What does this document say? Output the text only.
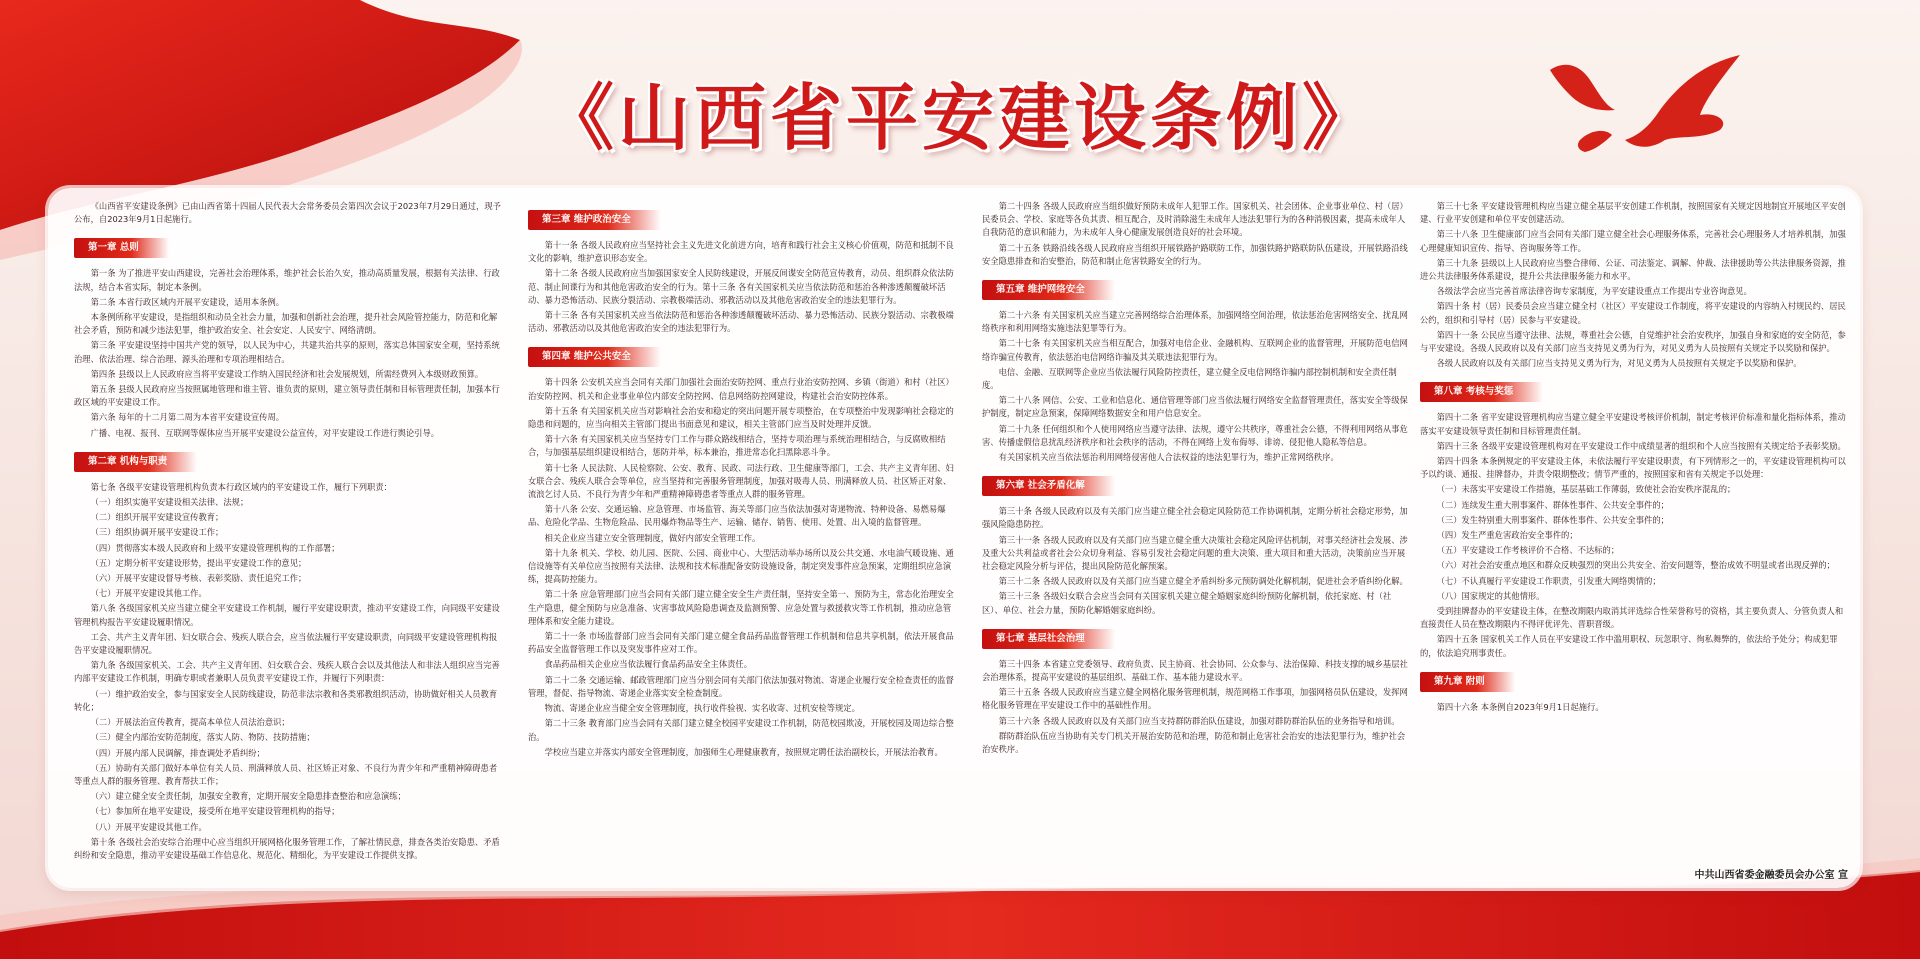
《山西省平安建设条例》

《山西省平安建设条例》已由山西省第十四届人民代表大会常务委员会第四次会议于2023年7月29日通过，现予公布，自2023年9月1日起施行。

第一章 总则

第一条 为了推进平安山西建设，完善社会治理体系，维护社会长治久安，推动高质量发展，根据有关法律、行政法规，结合本省实际，制定本条例。

第二条 本省行政区域内开展平安建设，适用本条例。

本条例所称平安建设，是指组织和动员全社会力量，加强和创新社会治理，提升社会风险管控能力，防范和化解社会矛盾，预防和减少违法犯罪，维护政治安全、社会安定、人民安宁、网络清朗。

第三条 平安建设坚持中国共产党的领导，以人民为中心，共建共治共享的原则，落实总体国家安全观，坚持系统治理、依法治理、综合治理、源头治理和专项治理相结合。

第四条 县级以上人民政府应当将平安建设工作纳入国民经济和社会发展规划，所需经费列入本级财政预算。

第五条 县级人民政府应当按照属地管理和谁主管、谁负责的原则，建立领导责任制和目标管理责任制，加强本行政区域的平安建设工作。

第六条 每年的十二月第二周为本省平安建设宣传周。

广播、电视、报刊、互联网等媒体应当开展平安建设公益宣传，对平安建设工作进行舆论引导。

第二章 机构与职责

第七条 各级平安建设管理机构负责本行政区域内的平安建设工作，履行下列职责：

（一）组织实施平安建设相关法律、法规；

（二）组织开展平安建设宣传教育；

（三）组织协调开展平安建设工作；

（四）贯彻落实本级人民政府和上级平安建设管理机构的工作部署；

（五）定期分析平安建设形势，提出平安建设工作的意见；

（六）开展平安建设督导考核、表彰奖励、责任追究工作；

（七）开展平安建设其他工作。

第八条 各级国家机关应当建立健全平安建设工作机制，履行平安建设职责，推动平安建设工作，向同级平安建设管理机构报告平安建设履职情况。

工会、共产主义青年团、妇女联合会、残疾人联合会，应当依法履行平安建设职责，向同级平安建设管理机构报告平安建设履职情况。

第九条 各级国家机关、工会、共产主义青年团、妇女联合会、残疾人联合会以及其他法人和非法人组织应当完善内部平安建设工作机制，明确专职或者兼职人员负责平安建设工作，并履行下列职责：

（一）维护政治安全，参与国家安全人民防线建设，防范非法宗教和各类邪教组织活动，协助做好相关人员教育转化；

（二）开展法治宣传教育，提高本单位人员法治意识；

（三）健全内部治安防范制度，落实人防、物防、技防措施；

（四）开展内部人民调解，排查调处矛盾纠纷；

（五）协助有关部门做好本单位有关人员、刑满释放人员、社区矫正对象、不良行为青少年和严重精神障碍患者等重点人群的服务管理、教育帮扶工作；

（六）建立健全安全责任制，加强安全教育，定期开展安全隐患排查整治和应急演练；

（七）参加所在地平安建设，接受所在地平安建设管理机构的指导；

（八）开展平安建设其他工作。

第十条 各级社会治安综合治理中心应当组织开展网格化服务管理工作，了解社情民意，排查各类治安隐患、矛盾纠纷和安全隐患，推动平安建设基础工作信息化、规范化、精细化，为平安建设工作提供支撑。

第三章 维护政治安全

第十一条 各级人民政府应当坚持社会主义先进文化前进方向，培育和践行社会主义核心价值观，防范和抵制不良文化的影响，维护意识形态安全。

第十二条 各级人民政府应当加强国家安全人民防线建设，开展反间谍安全防范宣传教育，动员、组织群众依法防范、制止间谍行为和其他危害政治安全的行为。第十三条 各有关国家机关应当依法防范和惩治各种渗透颠覆破坏活动、暴力恐怖活动、民族分裂活动、宗教极端活动、邪教活动以及其他危害政治安全的违法犯罪行为。

第十三条 各有关国家机关应当依法防范和惩治各种渗透颠覆破坏活动、暴力恐怖活动、民族分裂活动、宗教极端活动、邪教活动以及其他危害政治安全的违法犯罪行为。

第四章 维护公共安全

第十四条 公安机关应当会同有关部门加强社会面治安防控网、重点行业治安防控网、乡镇（街道）和村（社区）治安防控网、机关和企业事业单位内部安全防控网、信息网络防控网建设，构建社会治安防控体系。

第十五条 有关国家机关应当对影响社会治安和稳定的突出问题开展专项整治，在专项整治中发现影响社会稳定的隐患和问题的，应当向相关主管部门提出书面意见和建议，相关主管部门应当及时处理并反馈。

第十六条 有关国家机关应当坚持专门工作与群众路线相结合，坚持专项治理与系统治理相结合，与反腐败相结合，与加强基层组织建设相结合，惩防并举，标本兼治，推进常态化扫黑除恶斗争。

第十七条 人民法院、人民检察院、公安、教育、民政、司法行政、卫生健康等部门，工会、共产主义青年团、妇女联合会、残疾人联合会等单位，应当坚持和完善服务管理制度，加强对吸毒人员、刑满释放人员、社区矫正对象、流浪乞讨人员、不良行为青少年和严重精神障碍患者等重点人群的服务管理。

第十八条 公安、交通运输、应急管理、市场监管、海关等部门应当依法加强对寄递物流、特种设备、易燃易爆品、危险化学品、生物危险品、民用爆炸物品等生产、运输、储存、销售、使用、处置、出入境的监督管理。

相关企业应当建立安全管理制度，做好内部安全管理工作。

第十九条 机关、学校、幼儿园、医院、公园、商业中心、大型活动举办场所以及公共交通、水电油气暖设施、通信设施等有关单位应当按照有关法律、法规和技术标准配备安防设施设备，制定突发事件应急预案，定期组织应急演练，提高防控能力。

第二十条 应急管理部门应当会同有关部门建立健全安全生产责任制，坚持安全第一、预防为主，常态化治理安全生产隐患，健全预防与应急准备、灾害事故风险隐患调查及监测预警、应急处置与救援救灾等工作机制，推动应急管理体系和安全能力建设。

第二十一条 市场监督部门应当会同有关部门建立健全食品药品监督管理工作机制和信息共享机制，依法开展食品药品安全监督管理工作以及突发事件应对工作。

食品药品相关企业应当依法履行食品药品安全主体责任。

第二十二条 交通运输、邮政管理部门应当分别会同有关部门依法加强对物流、寄递企业履行安全检查责任的监督管理，督促、指导物流、寄递企业落实安全检查制度。

物流、寄递企业应当健全安全管理制度，执行收件验视、实名收寄、过机安检等规定。

第二十三条 教育部门应当会同有关部门建立健全校园平安建设工作机制，防范校园欺凌，开展校园及周边综合整治。

学校应当建立并落实内部安全管理制度，加强师生心理健康教育，按照规定聘任法治副校长，开展法治教育。

第二十四条 各级人民政府应当组织做好预防未成年人犯罪工作。国家机关、社会团体、企业事业单位、村（居）民委员会、学校、家庭等各负其责、相互配合，及时消除滋生未成年人违法犯罪行为的各种消极因素，提高未成年人自我防范的意识和能力，为未成年人身心健康发展创造良好的社会环境。

第二十五条 铁路沿线各级人民政府应当组织开展铁路护路联防工作，加强铁路护路联防队伍建设，开展铁路沿线安全隐患排查和治安整治，防范和制止危害铁路安全的行为。

第五章 维护网络安全

第二十六条 有关国家机关应当建立完善网络综合治理体系，加强网络空间治理，依法惩治危害网络安全、扰乱网络秩序和利用网络实施违法犯罪等行为。

第二十七条 有关国家机关应当相互配合，加强对电信企业、金融机构、互联网企业的监督管理，开展防范电信网络诈骗宣传教育，依法惩治电信网络诈骗及其关联违法犯罪行为。

电信、金融、互联网等企业应当依法履行风险防控责任，建立健全反电信网络诈骗内部控制机制和安全责任制度。

第二十八条 网信、公安、工业和信息化、通信管理等部门应当依法履行网络安全监督管理责任，落实安全等级保护制度，制定应急预案，保障网络数据安全和用户信息安全。

第二十九条 任何组织和个人使用网络应当遵守法律、法规，遵守公共秩序，尊重社会公德，不得利用网络从事危害、传播虚假信息扰乱经济秩序和社会秩序的活动，不得在网络上发布侮辱、诽谤、侵犯他人隐私等信息。

有关国家机关应当依法惩治利用网络侵害他人合法权益的违法犯罪行为，维护正常网络秩序。

第六章 社会矛盾化解

第三十条 各级人民政府以及有关部门应当建立健全社会稳定风险防范工作协调机制，定期分析社会稳定形势，加强风险隐患防控。

第三十一条 各级人民政府以及有关部门应当建立健全重大决策社会稳定风险评估机制，对事关经济社会发展、涉及重大公共利益或者社会公众切身利益、容易引发社会稳定问题的重大决策、重大项目和重大活动，决策前应当开展社会稳定风险分析与评估，提出风险防范化解预案。

第三十二条 各级人民政府以及有关部门应当建立健全矛盾纠纷多元预防调处化解机制，促进社会矛盾纠纷化解。

第三十三条 各级妇女联合会应当会同有关国家机关建立健全婚姻家庭纠纷预防化解机制，依托家庭、村（社区）、单位、社会力量，预防化解婚姻家庭纠纷。

第七章 基层社会治理

第三十四条 本省建立党委领导、政府负责、民主协商、社会协同、公众参与、法治保障、科技支撑的城乡基层社会治理体系，提高平安建设的基层组织、基础工作、基本能力建设水平。

第三十五条 各级人民政府应当建立健全网格化服务管理机制，规范网格工作事项，加强网格员队伍建设，发挥网格化服务管理在平安建设工作中的基础性作用。

第三十六条 各级人民政府以及有关部门应当支持群防群治队伍建设，加强对群防群治队伍的业务指导和培训。

群防群治队伍应当协助有关专门机关开展治安防范和治理，防范和制止危害社会治安的违法犯罪行为，维护社会治安秩序。

第三十七条 平安建设管理机构应当建立健全基层平安创建工作机制，按照国家有关规定因地制宜开展地区平安创建、行业平安创建和单位平安创建活动。

第三十八条 卫生健康部门应当会同有关部门建立健全社会心理服务体系，完善社会心理服务人才培养机制，加强心理健康知识宣传、指导、咨询服务等工作。

第三十九条 县级以上人民政府应当整合律师、公证、司法鉴定、调解、仲裁、法律援助等公共法律服务资源，推进公共法律服务体系建设，提升公共法律服务能力和水平。

各级法学会应当完善首席法律咨询专家制度，为平安建设重点工作提出专业咨询意见。

第四十条 村（居）民委员会应当建立健全村（社区）平安建设工作制度，将平安建设的内容纳入村规民约、居民公约，组织和引导村（居）民参与平安建设。

第四十一条 公民应当遵守法律、法规，尊重社会公德，自觉维护社会治安秩序，加强自身和家庭的安全防范，参与平安建设。各级人民政府以及有关部门应当支持见义勇为行为，对见义勇为人员按照有关规定予以奖励和保护。

各级人民政府以及有关部门应当支持见义勇为行为，对见义勇为人员按照有关规定予以奖励和保护。

第八章 考核与奖惩

第四十二条 省平安建设管理机构应当建立健全平安建设考核评价机制，制定考核评价标准和量化指标体系，推动落实平安建设领导责任制和目标管理责任制。

第四十三条 各级平安建设管理机构对在平安建设工作中成绩显著的组织和个人应当按照有关规定给予表彰奖励。

第四十四条 本条例规定的平安建设主体，未依法履行平安建设职责，有下列情形之一的，平安建设管理机构可以予以约谈、通报、挂牌督办，并责令限期整改；情节严重的，按照国家和省有关规定予以处理：

（一）未落实平安建设工作措施，基层基础工作薄弱，致使社会治安秩序混乱的；

（二）连续发生重大刑事案件、群体性事件、公共安全事件的；

（三）发生特别重大刑事案件、群体性事件、公共安全事件的；

（四）发生严重危害政治安全事件的；

（五）平安建设工作考核评价不合格、不达标的；

（六）对社会治安重点地区和群众反映强烈的突出公共安全、治安问题等，整治成效不明显或者出现反弹的；

（七）不认真履行平安建设工作职责，引发重大网络舆情的；

（八）国家规定的其他情形。

受到挂牌督办的平安建设主体，在整改期限内取消其评选综合性荣誉称号的资格，其主要负责人、分管负责人和直接责任人员在整改期限内不得评优评先、晋职晋级。

第四十五条 国家机关工作人员在平安建设工作中滥用职权、玩忽职守、徇私舞弊的，依法给予处分；构成犯罪的，依法追究刑事责任。

第九章 附则

第四十六条 本条例自2023年9月1日起施行。

中共山西省委金融委员会办公室 宣
